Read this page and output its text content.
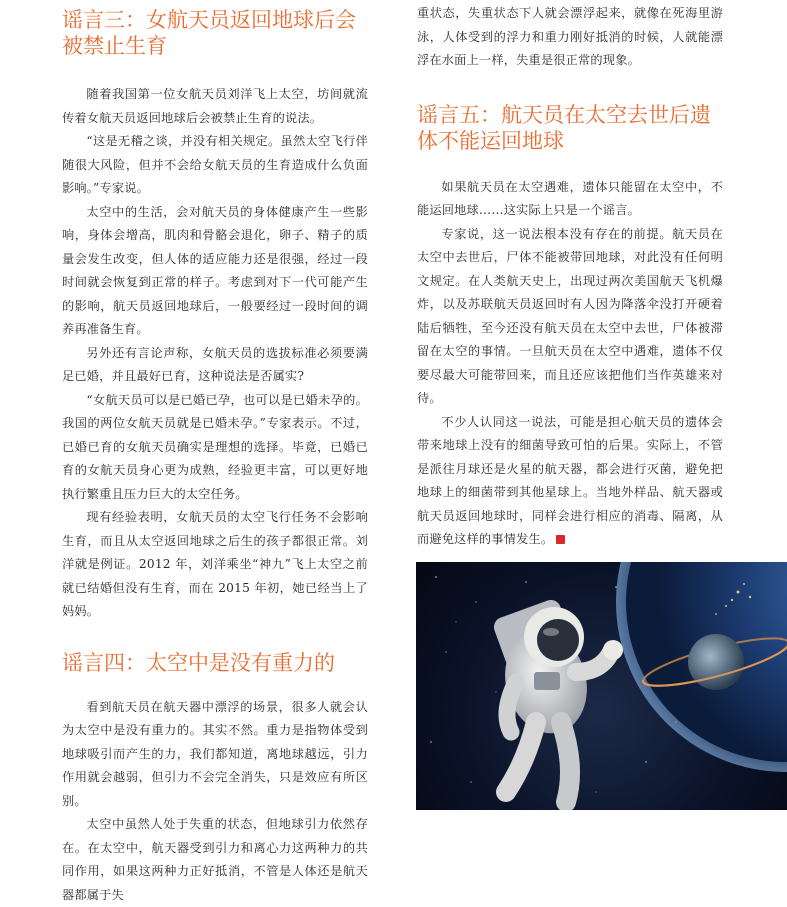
谣言三：女航天员返回地球后会被禁止生育

随着我国第一位女航天员刘洋飞上太空，坊间就流传着女航天员返回地球后会被禁止生育的说法。

“这是无稽之谈，并没有相关规定。虽然太空飞行伴随很大风险，但并不会给女航天员的生育造成什么负面影响。”专家说。

太空中的生活，会对航天员的身体健康产生一些影响，身体会增高，肌肉和骨骼会退化，卵子、精子的质量会发生改变，但人体的适应能力还是很强，经过一段时间就会恢复到正常的样子。考虑到对下一代可能产生的影响，航天员返回地球后，一般要经过一段时间的调养再准备生育。

另外还有言论声称，女航天员的选拔标准必须要满足已婚，并且最好已育，这种说法是否属实?

“女航天员可以是已婚已孕，也可以是已婚未孕的。我国的两位女航天员就是已婚未孕。”专家表示。不过，已婚已育的女航天员确实是理想的选择。毕竟，已婚已育的女航天员身心更为成熟，经验更丰富，可以更好地执行繁重且压力巨大的太空任务。

现有经验表明，女航天员的太空飞行任务不会影响生育，而且从太空返回地球之后生的孩子都很正常。刘洋就是例证。2012 年，刘洋乘坐“神九”飞上太空之前就已结婚但没有生育，而在 2015 年初，她已经当上了妈妈。

谣言四：太空中是没有重力的

看到航天员在航天器中漂浮的场景，很多人就会认为太空中是没有重力的。其实不然。重力是指物体受到地球吸引而产生的力，我们都知道，离地球越远，引力作用就会越弱，但引力不会完全消失，只是效应有所区别。

太空中虽然人处于失重的状态，但地球引力依然存在。在太空中，航天器受到引力和离心力这两种力的共同作用，如果这两种力正好抵消，不管是人体还是航天器都属于失

重状态，失重状态下人就会漂浮起来，就像在死海里游泳，人体受到的浮力和重力刚好抵消的时候，人就能漂浮在水面上一样，失重是很正常的现象。

谣言五：航天员在太空去世后遗体不能运回地球

如果航天员在太空遇难，遗体只能留在太空中，不能运回地球……这实际上只是一个谣言。

专家说，这一说法根本没有存在的前提。航天员在太空中去世后，尸体不能被带回地球，对此没有任何明文规定。在人类航天史上，出现过两次美国航天飞机爆炸，以及苏联航天员返回时有人因为降落伞没打开硬着陆后牺牲，至今还没有航天员在太空中去世，尸体被滞留在太空的事情。一旦航天员在太空中遇难，遗体不仅要尽最大可能带回来，而且还应该把他们当作英雄来对待。

不少人认同这一说法，可能是担心航天员的遗体会带来地球上没有的细菌导致可怕的后果。实际上，不管是派往月球还是火星的航天器，都会进行灭菌，避免把地球上的细菌带到其他星球上。当地外样品、航天器或航天员返回地球时，同样会进行相应的消毒、隔离，从而避免这样的事情发生。
